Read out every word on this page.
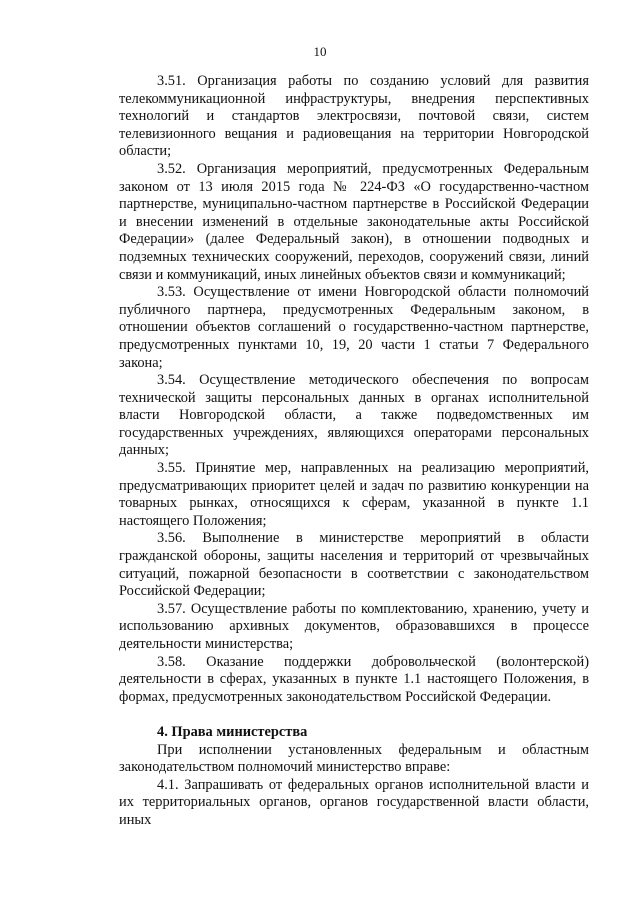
10

3.51. Организация работы по созданию условий для развития телекоммуникационной инфраструктуры, внедрения перспективных технологий и стандартов электросвязи, почтовой связи, систем телевизионного вещания и радиовещания на территории Новгородской области;

3.52. Организация мероприятий, предусмотренных Федеральным законом от 13 июля 2015 года № 224-ФЗ «О государственно-частном партнерстве, муниципально-частном партнерстве в Российской Федерации и внесении изменений в отдельные законодательные акты Российской Федерации» (далее Федеральный закон), в отношении подводных и подземных технических сооружений, переходов, сооружений связи, линий связи и коммуникаций, иных линейных объектов связи и коммуникаций;

3.53. Осуществление от имени Новгородской области полномочий публичного партнера, предусмотренных Федеральным законом, в отношении объектов соглашений о государственно-частном партнерстве, предусмотренных пунктами 10, 19, 20 части 1 статьи 7 Федерального закона;

3.54. Осуществление методического обеспечения по вопросам технической защиты персональных данных в органах исполнительной власти Новгородской области, а также подведомственных им государственных учреждениях, являющихся операторами персональных данных;

3.55. Принятие мер, направленных на реализацию мероприятий, предусматривающих приоритет целей и задач по развитию конкуренции на товарных рынках, относящихся к сферам, указанной в пункте 1.1 настоящего Положения;

3.56. Выполнение в министерстве мероприятий в области гражданской обороны, защиты населения и территорий от чрезвычайных ситуаций, пожарной безопасности в соответствии с законодательством Российской Федерации;

3.57. Осуществление работы по комплектованию, хранению, учету и использованию архивных документов, образовавшихся в процессе деятельности министерства;

3.58. Оказание поддержки добровольческой (волонтерской) деятельности в сферах, указанных в пункте 1.1 настоящего Положения, в формах, предусмотренных законодательством Российской Федерации.

4. Права министерства

При исполнении установленных федеральным и областным законодательством полномочий министерство вправе:

4.1. Запрашивать от федеральных органов исполнительной власти и их территориальных органов, органов государственной власти области, иных
